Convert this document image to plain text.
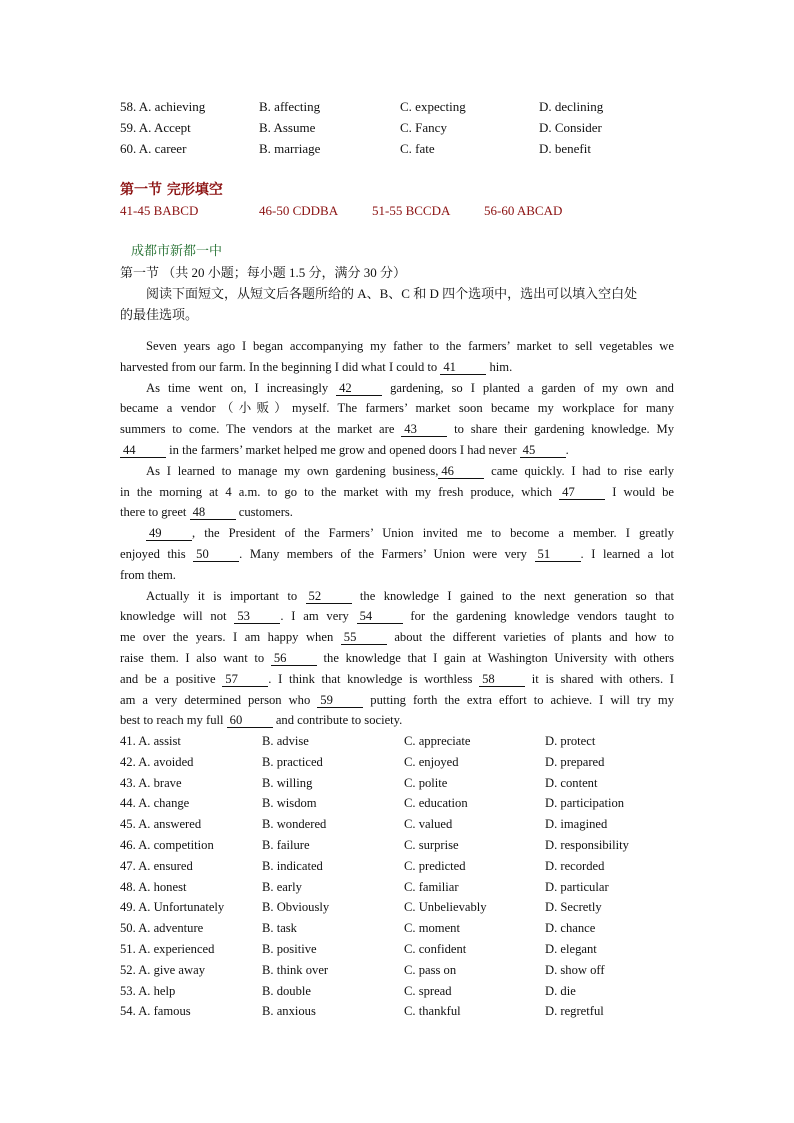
58. A. achieving	B. affecting	C. expecting	D. declining
59. A. Accept	B. Assume	C. Fancy	D. Consider
60. A. career	B. marriage	C. fate	D. benefit
第一节 完形填空
41-45 BABCD	46-50 CDDBA	51-55 BCCDA	56-60 ABCAD
成都市新都一中
第一节 （共 20 小题；每小题 1.5 分，满分 30 分）
阅读下面短文，从短文后各题所给的 A、B、C 和 D 四个选项中，选出可以填入空白处
的最佳选项。
Seven years ago I began accompanying my father to the farmers’ market to sell vegetables we
harvested from our farm. In the beginning I did what I could to 41 him.
As time went on, I increasingly 42 gardening, so I planted a garden of my own and
became a vendor（小贩）myself. The farmers’ market soon became my workplace for many
summers to come. The vendors at the market are 43 to share their gardening knowledge. My
44 in the farmers’ market helped me grow and opened doors I had never 45 .
As I learned to manage my own gardening business, 46 came quickly. I had to rise early
in the morning at 4 a.m. to go to the market with my fresh produce, which 47 I would be
there to greet 48 customers.
49 , the President of the Farmers’ Union invited me to become a member. I greatly
enjoyed this 50 . Many members of the Farmers’ Union were very 51 . I learned a lot
from them.
Actually it is important to 52 the knowledge I gained to the next generation so that
knowledge will not 53 . I am very 54 for the gardening knowledge vendors taught to
me over the years. I am happy when 55 about the different varieties of plants and how to
raise them. I also want to 56 the knowledge that I gain at Washington University with others
and be a positive 57 . I think that knowledge is worthless 58 it is shared with others. I
am a very determined person who 59 putting forth the extra effort to achieve. I will try my
best to reach my full 60 and contribute to society.
41. A. assist	B. advise	C. appreciate	D. protect
42. A. avoided	B. practiced	C. enjoyed	D. prepared
43. A. brave	B. willing	C. polite	D. content
44. A. change	B. wisdom	C. education	D. participation
45. A. answered	B. wondered	C. valued	D. imagined
46. A. competition	B. failure	C. surprise	D. responsibility
47. A. ensured	B. indicated	C. predicted	D. recorded
48. A. honest	B. early	C. familiar	D. particular
49. A. Unfortunately	B. Obviously	C. Unbelievably	D. Secretly
50. A. adventure	B. task	C. moment	D. chance
51. A. experienced	B. positive	C. confident	D. elegant
52. A. give away	B. think over	C. pass on	D. show off
53. A. help	B. double	C. spread	D. die
54. A. famous	B. anxious	C. thankful	D. regretful
